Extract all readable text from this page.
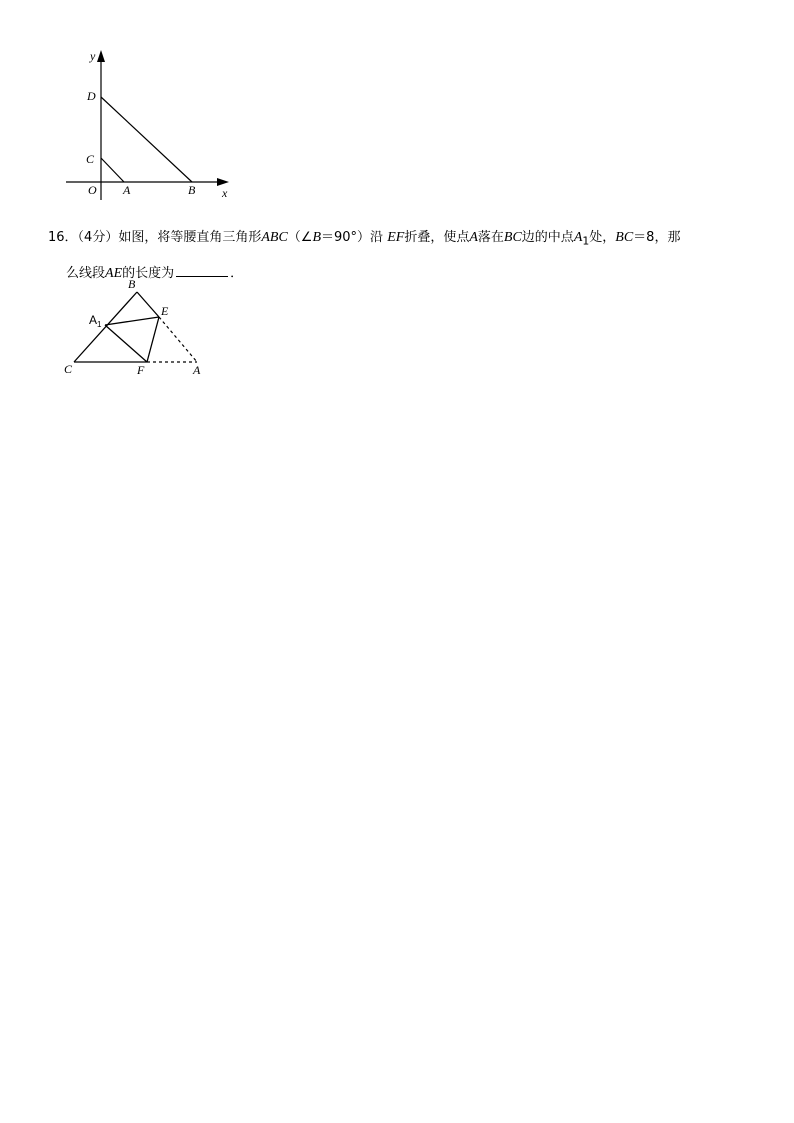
y
D
C
O A	B x
16．（4分）如图，将等腰直角三角形ABC（∠B＝90°）沿 EF折叠，使点A落在BC边的中点$A_1$处，BC＝8，那
么线段AE的长度为	．
B
E
$A_1$
C	F	A
